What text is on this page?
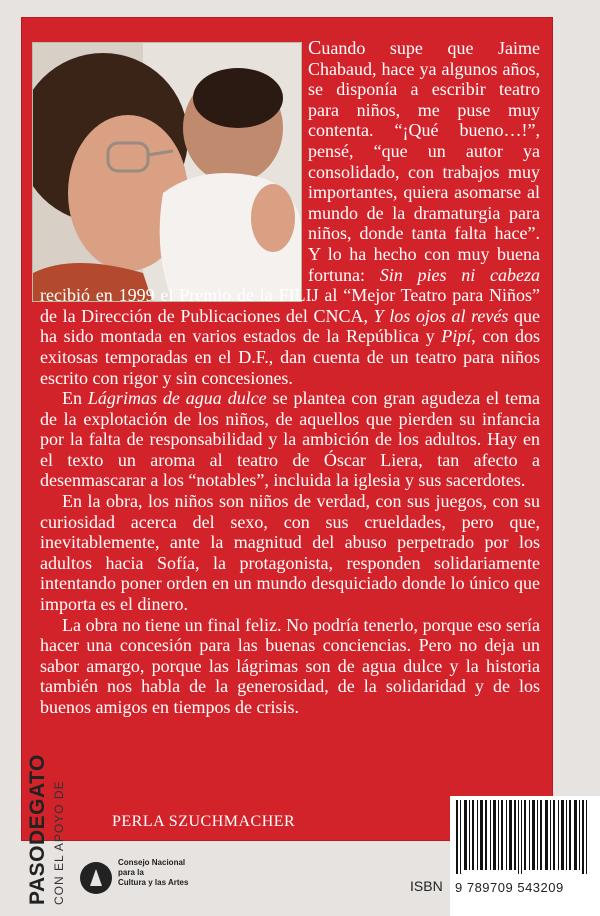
Cuando supe que Jaime Chabaud, hace ya algunos años, se disponía a escribir teatro para niños, me puse muy contenta. “¡Qué bueno…!”, pensé, “que un autor ya consolidado, con trabajos muy importantes, quiera asomarse al mundo de la dramaturgia para niños, donde tanta falta hace”. Y lo ha hecho con muy buena fortuna: Sin pies ni cabeza recibió en 1999 el Premio de la FILIJ al “Mejor Teatro para Niños” de la Dirección de Publicaciones del CNCA, Y los ojos al revés que ha sido montada en varios estados de la República y Pipí, con dos exitosas temporadas en el D.F., dan cuenta de un teatro para niños escrito con rigor y sin concesiones.

En Lágrimas de agua dulce se plantea con gran agudeza el tema de la explotación de los niños, de aquellos que pierden su infancia por la falta de responsabilidad y la ambición de los adultos. Hay en el texto un aroma al teatro de Óscar Liera, tan afecto a desenmascarar a los “notables”, incluida la iglesia y sus sacerdotes.

En la obra, los niños son niños de verdad, con sus juegos, con su curiosidad acerca del sexo, con sus crueldades, pero que, inevitablemente, ante la magnitud del abuso perpetrado por los adultos hacia Sofía, la protagonista, responden solidariamente intentando poner orden en un mundo desquiciado donde lo único que importa es el dinero.

La obra no tiene un final feliz. No podría tenerlo, porque eso sería hacer una concesión para las buenas conciencias. Pero no deja un sabor amargo, porque las lágrimas son de agua dulce y la historia también nos habla de la generosidad, de la solidaridad y de los buenos amigos en tiempos de crisis.

PERLA SZUCHMACHER
PASODEGATO CON EL APOYO DE	Consejo Nacional
para la
Cultura y las Artes	ISBN 9 789709 543209
